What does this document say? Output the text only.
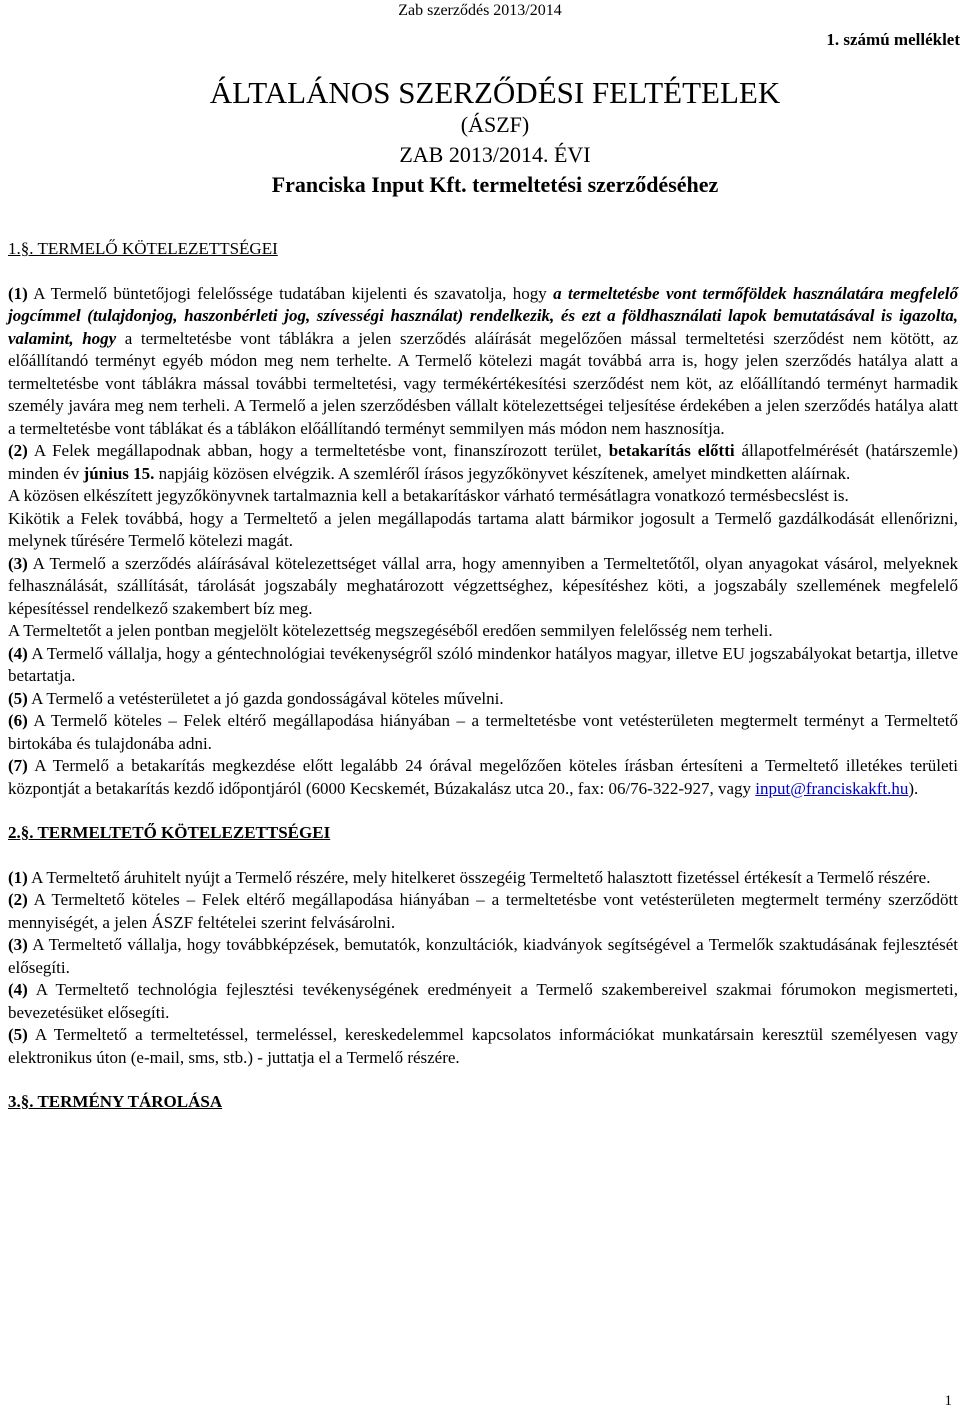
Zab szerződés 2013/2014
1. számú melléklet
ÁLTALÁNOS SZERZŐDÉSI FELTÉTELEK
(ÁSZF)
ZAB 2013/2014. ÉVI
Franciska Input Kft. termeltetési szerződéséhez

1.§. TERMELŐ KÖTELEZETTSÉGEI

(1) A Termelő büntetőjogi felelőssége tudatában kijelenti és szavatolja, hogy a termeltetésbe vont termőföldek használatára megfelelő jogcímmel (tulajdonjog, haszonbérleti jog, szívességi használat) rendelkezik, és ezt a földhasználati lapok bemutatásával is igazolta, valamint, hogy a termeltetésbe vont táblákra a jelen szerződés aláírását megelőzően mással termeltetési szerződést nem kötött, az előállítandó terményt egyéb módon meg nem terhelte. A Termelő kötelezi magát továbbá arra is, hogy jelen szerződés hatálya alatt a termeltetésbe vont táblákra mással további termeltetési, vagy termékértékesítési szerződést nem köt, az előállítandó terményt harmadik személy javára meg nem terheli. A Termelő a jelen szerződésben vállalt kötelezettségei teljesítése érdekében a jelen szerződés hatálya alatt a termeltetésbe vont táblákat és a táblákon előállítandó terményt semmilyen más módon nem hasznosítja.

(2) A Felek megállapodnak abban, hogy a termeltetésbe vont, finanszírozott terület, betakarítás előtti állapotfelmérését (határszemle) minden év június 15. napjáig közösen elvégzik. A szemléről írásos jegyzőkönyvet készítenek, amelyet mindketten aláírnak.

A közösen elkészített jegyzőkönyvnek tartalmaznia kell a betakarításkor várható termésátlagra vonatkozó termésbecslést is.

Kikötik a Felek továbbá, hogy a Termeltető a jelen megállapodás tartama alatt bármikor jogosult a Termelő gazdálkodását ellenőrizni, melynek tűrésére Termelő kötelezi magát.

(3) A Termelő a szerződés aláírásával kötelezettséget vállal arra, hogy amennyiben a Termeltetőtől, olyan anyagokat vásárol, melyeknek felhasználását, szállítását, tárolását jogszabály meghatározott végzettséghez, képesítéshez köti, a jogszabály szellemének megfelelő képesítéssel rendelkező szakembert bíz meg.

A Termeltetőt a jelen pontban megjelölt kötelezettség megszegéséből eredően semmilyen felelősség nem terheli.

(4) A Termelő vállalja, hogy a géntechnológiai tevékenységről szóló mindenkor hatályos magyar, illetve EU jogszabályokat betartja, illetve betartatja.

(5) A Termelő a vetésterületet a jó gazda gondosságával köteles művelni.

(6) A Termelő köteles – Felek eltérő megállapodása hiányában – a termeltetésbe vont vetésterületen megtermelt terményt a Termeltető birtokába és tulajdonába adni.

(7) A Termelő a betakarítás megkezdése előtt legalább 24 órával megelőzően köteles írásban értesíteni a Termeltető illetékes területi központját a betakarítás kezdő időpontjáról (6000 Kecskemét, Búzakalász utca 20., fax: 06/76-322-927, vagy input@franciskakft.hu).

2.§. TERMELTETŐ KÖTELEZETTSÉGEI

(1) A Termeltető áruhitelt nyújt a Termelő részére, mely hitelkeret összegéig Termeltető halasztott fizetéssel értékesít a Termelő részére.

(2) A Termeltető köteles – Felek eltérő megállapodása hiányában – a termeltetésbe vont vetésterületen megtermelt termény szerződött mennyiségét, a jelen ÁSZF feltételei szerint felvásárolni.

(3) A Termeltető vállalja, hogy továbbképzések, bemutatók, konzultációk, kiadványok segítségével a Termelők szaktudásának fejlesztését elősegíti.

(4) A Termeltető technológia fejlesztési tevékenységének eredményeit a Termelő szakembereivel szakmai fórumokon megismerteti, bevezetésüket elősegíti.

(5) A Termeltető a termeltetéssel, termeléssel, kereskedelemmel kapcsolatos információkat munkatársain keresztül személyesen vagy elektronikus úton (e-mail, sms, stb.) - juttatja el a Termelő részére.

3.§. TERMÉNY TÁROLÁSA

1
